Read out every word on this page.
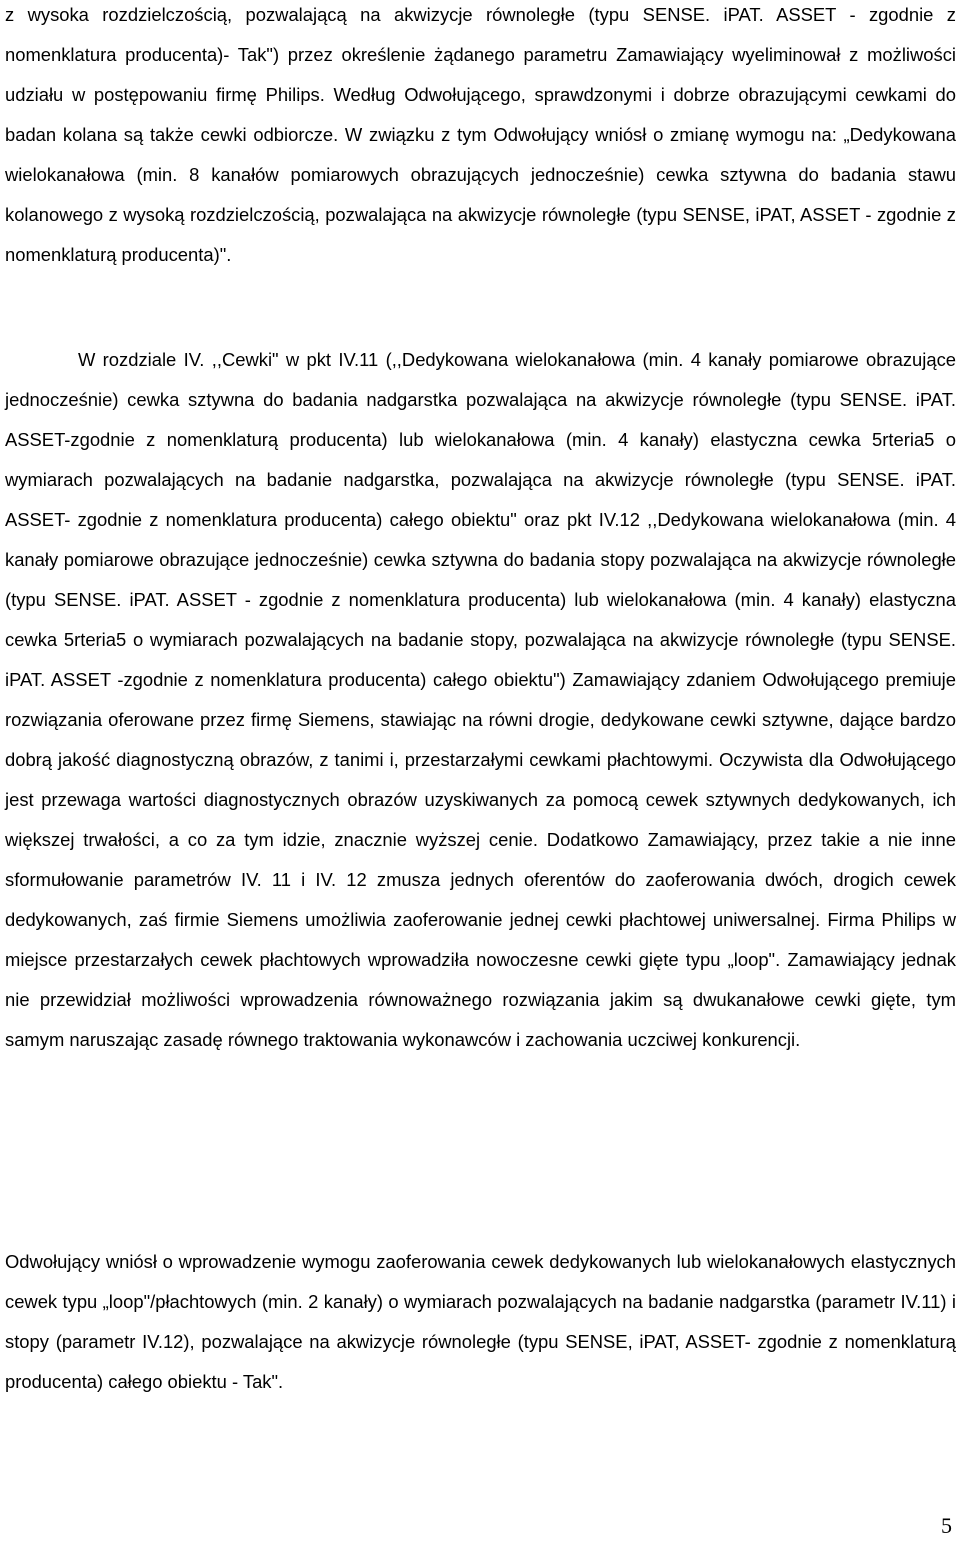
z wysoka rozdzielczością, pozwalającą na akwizycje równoległe (typu SENSE. iPAT. ASSET - zgodnie z nomenklatura producenta)- Tak") przez określenie żądanego parametru Zamawiający wyeliminował z możliwości udziału w postępowaniu firmę Philips. Według Odwołującego, sprawdzonymi i dobrze obrazującymi cewkami do badan kolana są także cewki odbiorcze. W związku z tym Odwołujący wniósł o zmianę wymogu na: „Dedykowana wielokanałowa (min. 8 kanałów pomiarowych obrazujących jednocześnie) cewka sztywna do badania stawu kolanowego z wysoką rozdzielczością, pozwalająca na akwizycje równoległe (typu SENSE, iPAT, ASSET - zgodnie z nomenklaturą producenta)".

W rozdziale IV. ,,Cewki" w pkt IV.11 (,,Dedykowana wielokanałowa (min. 4 kanały pomiarowe obrazujące jednocześnie) cewka sztywna do badania nadgarstka pozwalająca na akwizycje równoległe (typu SENSE. iPAT. ASSET-zgodnie z nomenklaturą producenta) lub wielokanałowa (min. 4 kanały) elastyczna cewka 5rteria5 o wymiarach pozwalających na badanie nadgarstka, pozwalająca na akwizycje równoległe (typu SENSE. iPAT. ASSET- zgodnie z nomenklatura producenta) całego obiektu" oraz pkt IV.12 ,,Dedykowana wielokanałowa (min. 4 kanały pomiarowe obrazujące jednocześnie) cewka sztywna do badania stopy pozwalająca na akwizycje równoległe (typu SENSE. iPAT. ASSET - zgodnie z nomenklatura producenta) lub wielokanałowa (min. 4 kanały) elastyczna cewka 5rteria5 o wymiarach pozwalających na badanie stopy, pozwalająca na akwizycje równoległe (typu SENSE. iPAT. ASSET -zgodnie z nomenklatura producenta) całego obiektu") Zamawiający zdaniem Odwołującego premiuje rozwiązania oferowane przez firmę Siemens, stawiając na równi drogie, dedykowane cewki sztywne, dające bardzo dobrą jakość diagnostyczną obrazów, z tanimi i, przestarzałymi cewkami płachtowymi. Oczywista dla Odwołującego jest przewaga wartości diagnostycznych obrazów uzyskiwanych za pomocą cewek sztywnych dedykowanych, ich większej trwałości, a co za tym idzie, znacznie wyższej cenie. Dodatkowo Zamawiający, przez takie a nie inne sformułowanie parametrów IV. 11 i IV. 12 zmusza jednych oferentów do zaoferowania dwóch, drogich cewek dedykowanych, zaś firmie Siemens umożliwia zaoferowanie jednej cewki płachtowej uniwersalnej. Firma Philips w miejsce przestarzałych cewek płachtowych wprowadziła nowoczesne cewki gięte typu „loop". Zamawiający jednak nie przewidział możliwości wprowadzenia równoważnego rozwiązania jakim są dwukanałowe cewki gięte, tym samym naruszając zasadę równego traktowania wykonawców i zachowania uczciwej konkurencji.

Odwołujący wniósł o wprowadzenie wymogu zaoferowania cewek dedykowanych lub wielokanałowych elastycznych cewek typu „loop"/płachtowych (min. 2 kanały) o wymiarach pozwalających na badanie nadgarstka (parametr IV.11) i stopy (parametr IV.12), pozwalające na akwizycje równoległe (typu SENSE, iPAT, ASSET- zgodnie z nomenklaturą producenta) całego obiektu - Tak".

5
